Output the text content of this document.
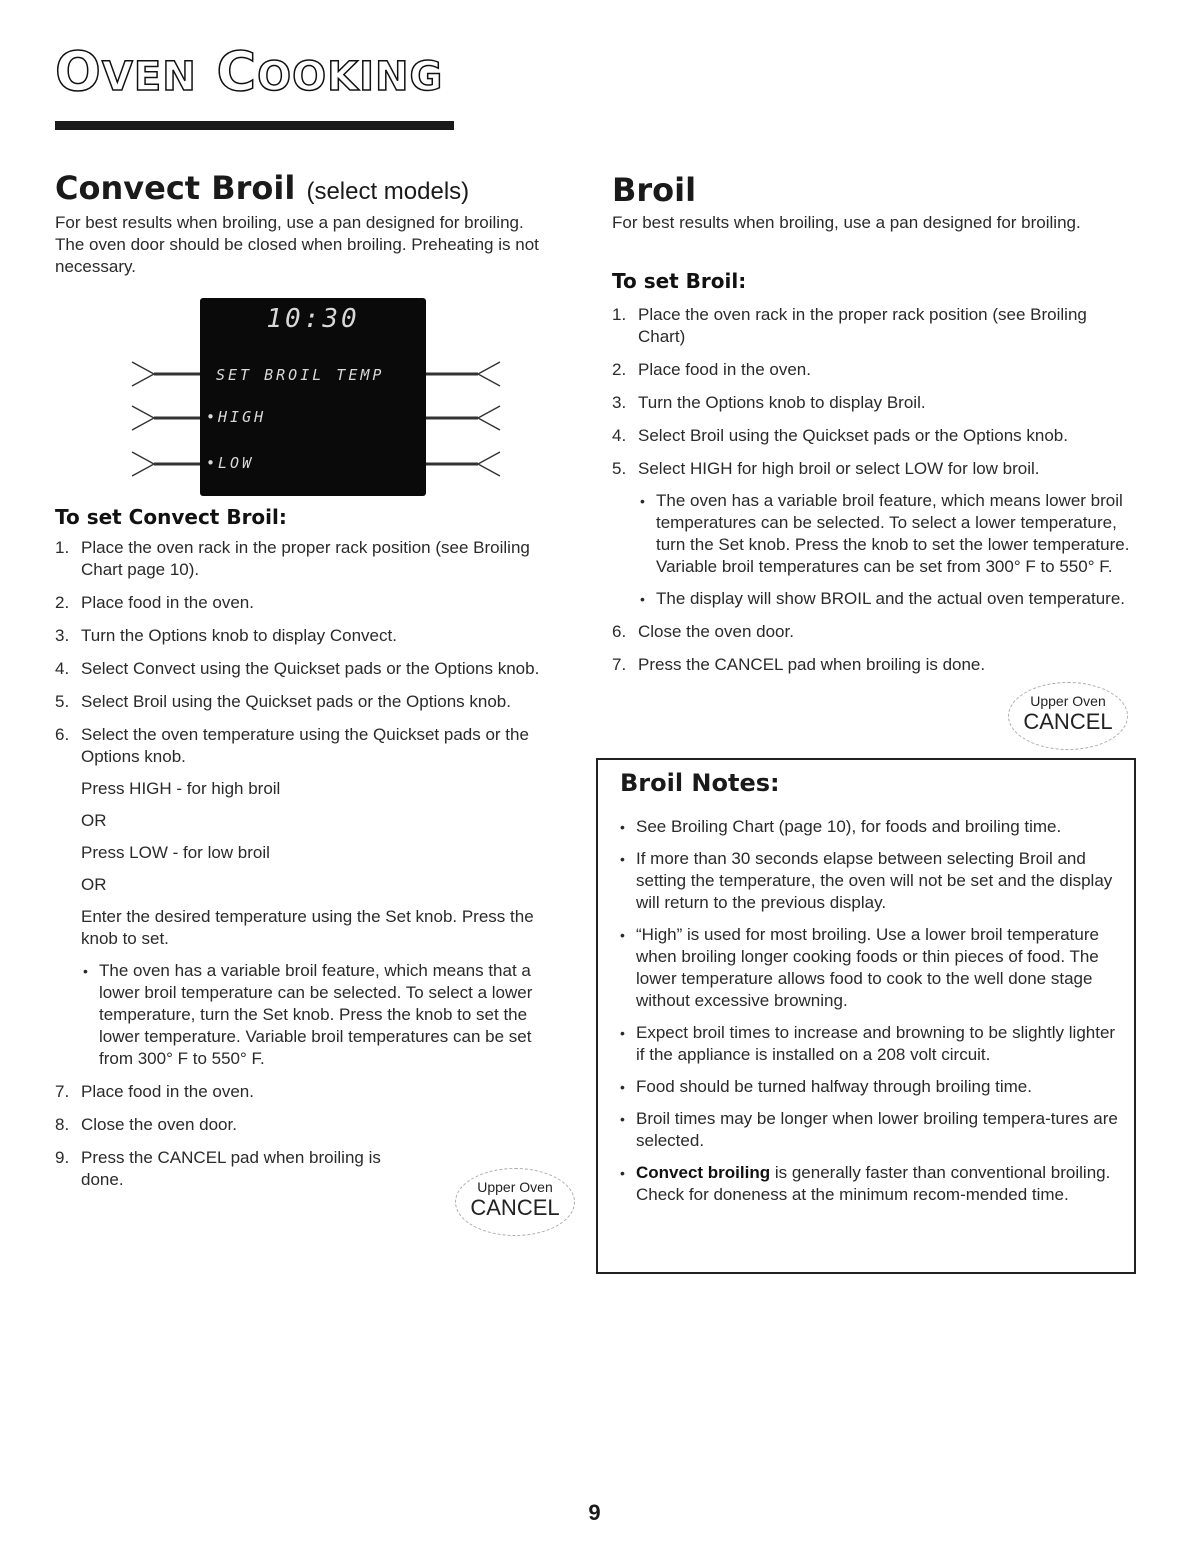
OVEN COOKING
Convect Broil (select models)

For best results when broiling, use a pan designed for broiling. The oven door should be closed when broiling. Preheating is not necessary.

10:30
SET BROIL TEMP
•HIGH
•LOW
To set Convect Broil:
1. Place the oven rack in the proper rack position (see Broiling Chart page 10).
2. Place food in the oven.
3. Turn the Options knob to display Convect.
4. Select Convect using the Quickset pads or the Options knob.
5. Select Broil using the Quickset pads or the Options knob.
6. Select the oven temperature using the Quickset pads or the Options knob.

Press HIGH - for high broil

OR

Press LOW - for low broil

OR

Enter the desired temperature using the Set knob. Press the knob to set.

• The oven has a variable broil feature, which means that a lower broil temperature can be selected. To select a lower temperature, turn the Set knob. Press the knob to set the lower temperature. Variable broil temperatures can be set from 300° F to 550° F.
7. Place food in the oven.
8. Close the oven door.
9. Press the CANCEL pad when broiling is done.	Upper Oven
CANCEL
Broil

For best results when broiling, use a pan designed for broiling.

To set Broil:
1. Place the oven rack in the proper rack position (see Broiling Chart)
2. Place food in the oven.
3. Turn the Options knob to display Broil.
4. Select Broil using the Quickset pads or the Options knob.
5. Select HIGH for high broil or select LOW for low broil.
• The oven has a variable broil feature, which means lower broil temperatures can be selected. To select a lower temperature, turn the Set knob. Press the knob to set the lower temperature. Variable broil temperatures can be set from 300° F to 550° F.
• The display will show BROIL and the actual oven temperature.
6. Close the oven door.
7. Press the CANCEL pad when broiling is done.
Upper Oven
CANCEL
Broil Notes:
• See Broiling Chart (page 10), for foods and broiling time.
• If more than 30 seconds elapse between selecting Broil and setting the temperature, the oven will not be set and the display will return to the previous display.
• “High” is used for most broiling. Use a lower broil temperature when broiling longer cooking foods or thin pieces of food. The lower temperature allows food to cook to the well done stage without excessive browning.
• Expect broil times to increase and browning to be slightly lighter if the appliance is installed on a 208 volt circuit.
• Food should be turned halfway through broiling time.
• Broil times may be longer when lower broiling tempera-tures are selected.
• Convect broiling is generally faster than conventional broiling. Check for doneness at the minimum recom-mended time.
9
